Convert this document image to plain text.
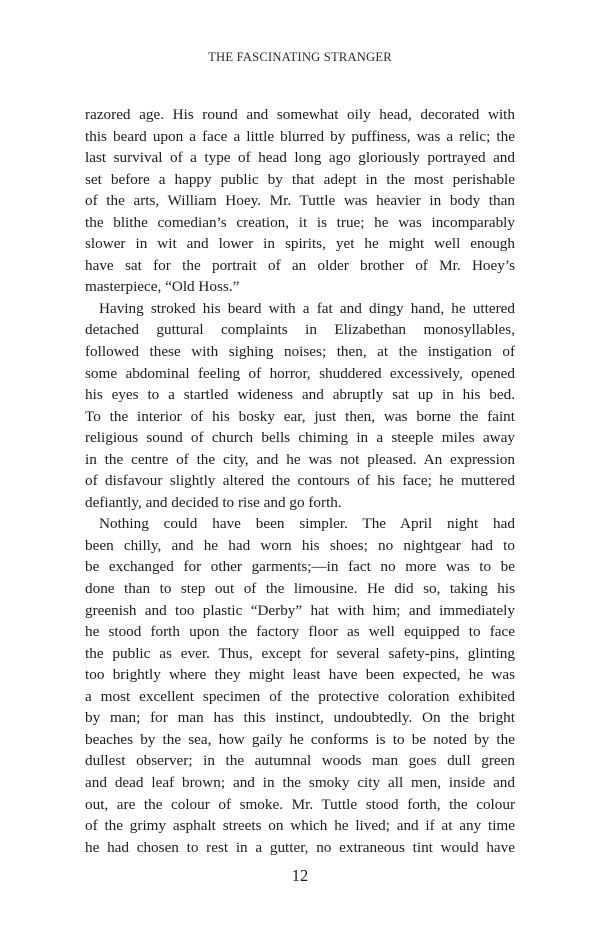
THE FASCINATING STRANGER
razored age. His round and somewhat oily head, decorated with
this beard upon a face a little blurred by puffiness, was a relic; the
last survival of a type of head long ago gloriously portrayed and
set before a happy public by that adept in the most perishable
of the arts, William Hoey. Mr. Tuttle was heavier in body than
the blithe comedian’s creation, it is true; he was incomparably
slower in wit and lower in spirits, yet he might well enough
have sat for the portrait of an older brother of Mr. Hoey’s
masterpiece, “Old Hoss.”
Having stroked his beard with a fat and dingy hand, he uttered
detached guttural complaints in Elizabethan monosyllables,
followed these with sighing noises; then, at the instigation of
some abdominal feeling of horror, shuddered excessively, opened
his eyes to a startled wideness and abruptly sat up in his bed.
To the interior of his bosky ear, just then, was borne the faint
religious sound of church bells chiming in a steeple miles away
in the centre of the city, and he was not pleased. An expression
of disfavour slightly altered the contours of his face; he muttered
defiantly, and decided to rise and go forth.
Nothing could have been simpler. The April night had
been chilly, and he had worn his shoes; no nightgear had to
be exchanged for other garments;—in fact no more was to be
done than to step out of the limousine. He did so, taking his
greenish and too plastic “Derby” hat with him; and immediately
he stood forth upon the factory floor as well equipped to face
the public as ever. Thus, except for several safety-pins, glinting
too brightly where they might least have been expected, he was
a most excellent specimen of the protective coloration exhibited
by man; for man has this instinct, undoubtedly. On the bright
beaches by the sea, how gaily he conforms is to be noted by the
dullest observer; in the autumnal woods man goes dull green
and dead leaf brown; and in the smoky city all men, inside and
out, are the colour of smoke. Mr. Tuttle stood forth, the colour
of the grimy asphalt streets on which he lived; and if at any time
he had chosen to rest in a gutter, no extraneous tint would have
12
